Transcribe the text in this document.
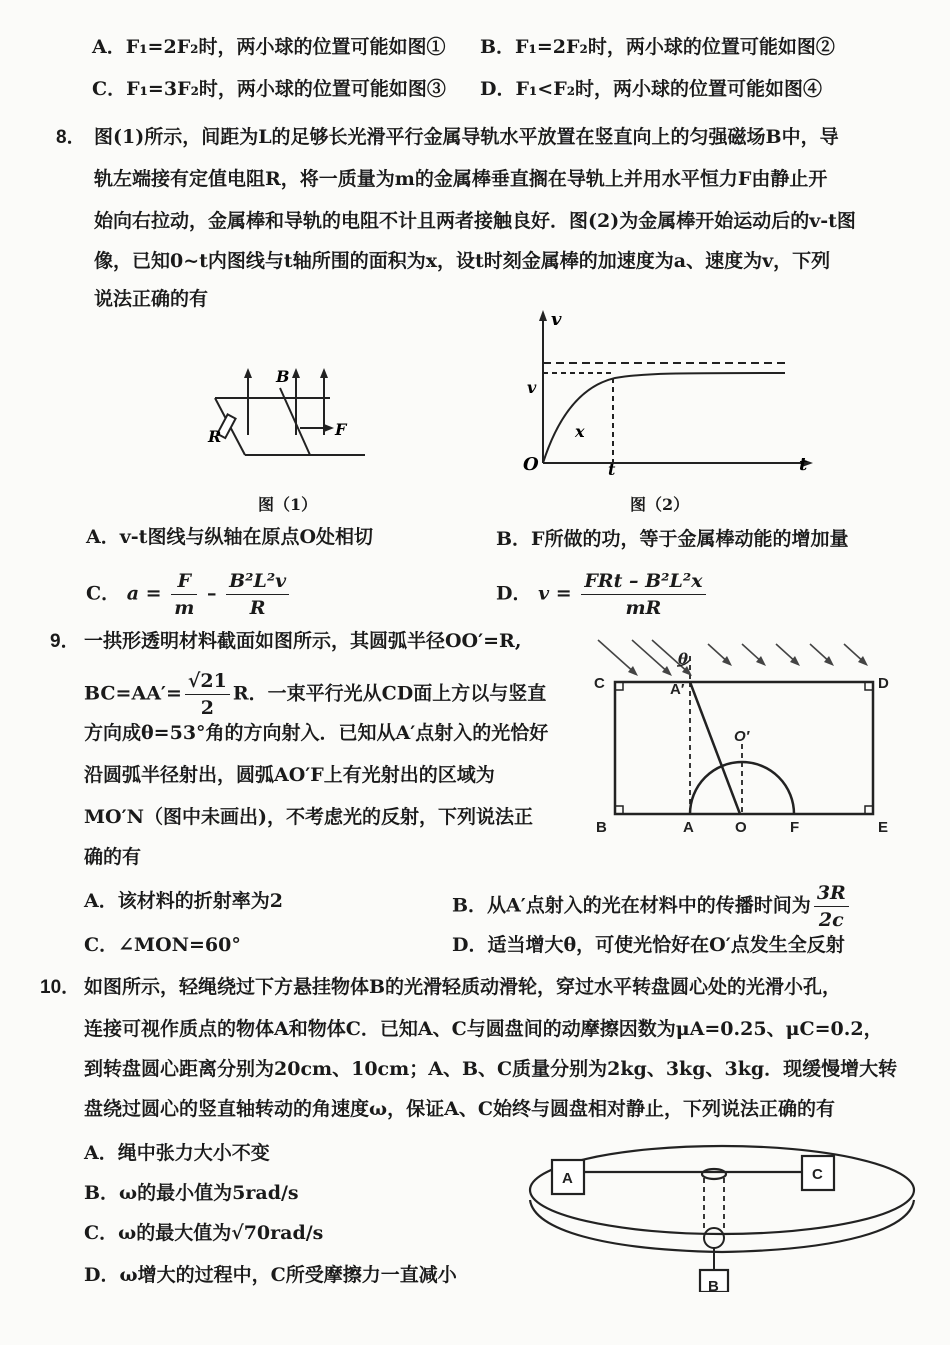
A．F₁=2F₂时，两小球的位置可能如图① B．F₁=2F₂时，两小球的位置可能如图②
C．F₁=3F₂时，两小球的位置可能如图③ D．F₁<F₂时，两小球的位置可能如图④
8． 图(1)所示，间距为L的足够长光滑平行金属导轨水平放置在竖直向上的匀强磁场B中，导
轨左端接有定值电阻R，将一质量为m的金属棒垂直搁在导轨上并用水平恒力F由静止开
始向右拉动，金属棒和导轨的电阻不计且两者接触良好．图(2)为金属棒开始运动后的v-t图
像，已知0~t内图线与t轴所围的面积为x，设t时刻金属棒的加速度为a、速度为v，下列
说法正确的有
B
R	F
图（1）
v
t
v
x
O	t
图（2）
A．v-t图线与纵轴在原点O处相切	B．F所做的功，等于金属棒动能的增加量
C． $a = \frac{F}{m} - \frac{\text{B²L²v}}{R}$	D． $v = \frac{\text{FRt – B²L²x}}{mR}$
9． 一拱形透明材料截面如图所示，其圆弧半径OO′=R,
$BC=AA'= \frac{√21}{2}$ R．一束平行光从CD面上方以与竖直
方向成θ=53°角的方向射入．已知从A′点射入的光恰好
沿圆弧半径射出，圆弧AO′F上有光射出的区域为
MO′N（图中未画出)，不考虑光的反射，下列说法正
确的有
C	A′	D
θ
O′
B	A	O	F	E
A．该材料的折射率为2	B．从A′点射入的光在材料中的传播时间为 $\frac{3R}{2c}$
C．∠MON=60°	D．适当增大θ，可使光恰好在O′点发生全反射
10． 如图所示，轻绳绕过下方悬挂物体B的光滑轻质动滑轮，穿过水平转盘圆心处的光滑小孔，
连接可视作质点的物体A和物体C．已知A、C与圆盘间的动摩擦因数为μA=0.25、μC=0.2，
到转盘圆心距离分别为20cm、10cm；A、B、C质量分别为2kg、3kg、3kg．现缓慢增大转
盘绕过圆心的竖直轴转动的角速度ω，保证A、C始终与圆盘相对静止，下列说法正确的有
A．绳中张力大小不变
B．ω的最小值为5rad/s
C．ω的最大值为√70rad/s
D．ω增大的过程中，C所受摩擦力一直减小
A	C
B
